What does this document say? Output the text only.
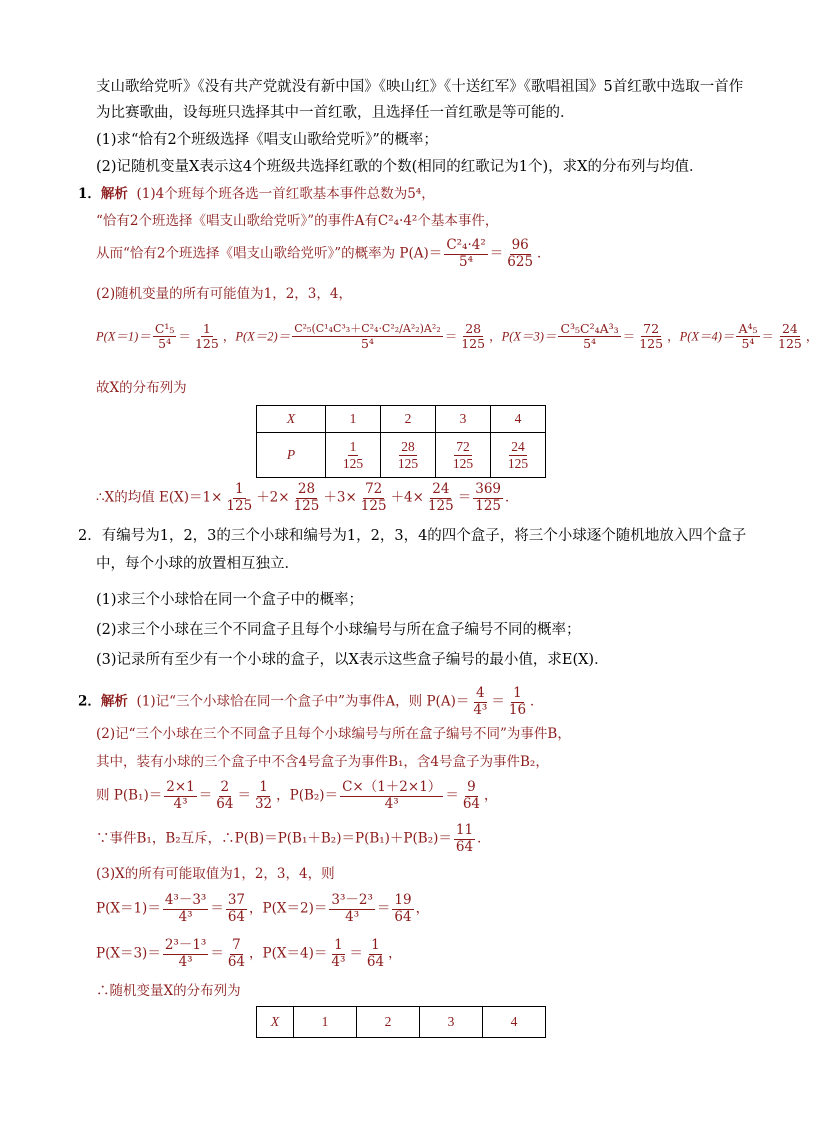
支山歌给党听》《没有共产党就没有新中国》《映山红》《十送红军》《歌唱祖国》5首红歌中选取一首作
为比赛歌曲，设每班只选择其中一首红歌，且选择任一首红歌是等可能的．
(1)求“恰有2个班级选择《唱支山歌给党听》”的概率；
(2)记随机变量X表示这4个班级共选择红歌的个数(相同的红歌记为1个)，求X的分布列与均值．
1．解析 (1)4个班每个班各选一首红歌基本事件总数为5⁴，
“恰有2个班选择《唱支山歌给党听》”的事件A有C²₄·4²个基本事件，
从而“恰有2个班选择《唱支山歌给党听》”的概率为 $P(A)= \frac{\text{C²₄·4²}}{\text{5⁴}} = \frac{96}{625}$ ．
(2)随机变量的所有可能值为1，2，3，4，
$P(X=1)= \frac{\text{C¹₅}}{\text{5⁴}} = \frac{1}{125}$ ，$P(X=2)= \frac{\text{C²₅(C¹₄C³₃＋C²₄·C²₂/A²₂)A²₂}}{\text{5⁴}} = \frac{28}{125}$ ，$P(X=3)= \frac{\text{C³₅C²₄A³₃}}{\text{5⁴}} = \frac{72}{125}$ ，$P(X=4)= \frac{\text{A⁴₅}}{\text{5⁴}} = \frac{24}{125}$ ，
故X的分布列为
X	1	2	3	4
P	$\frac{1}{125}$	$\frac{28}{125}$	$\frac{72}{125}$	$\frac{24}{125}$
∴X的均值 $E(X)=1\times \frac{1}{125} +2\times \frac{28}{125} +3\times \frac{72}{125} +4\times \frac{24}{125} = \frac{369}{125}$ ．
2．有编号为1，2，3的三个小球和编号为1，2，3，4的四个盒子，将三个小球逐个随机地放入四个盒子
中，每个小球的放置相互独立．
(1)求三个小球恰在同一个盒子中的概率；
(2)求三个小球在三个不同盒子且每个小球编号与所在盒子编号不同的概率；
(3)记录所有至少有一个小球的盒子，以X表示这些盒子编号的最小值，求E(X)．
2．解析 (1)记“三个小球恰在同一个盒子中”为事件A，则 $P(A)= \frac{4}{\text{4³}} = \frac{1}{16}$ ．
(2)记“三个小球在三个不同盒子且每个小球编号与所在盒子编号不同”为事件B，
其中，装有小球的三个盒子中不含4号盒子为事件B₁，含4号盒子为事件B₂，
则 $P(B_1)= \frac{2\times 1}{\text{4³}} = \frac{2}{64} = \frac{1}{32}$ ，$P(B_2)= \frac{C\times(1+2\times 1)}{\text{4³}} = \frac{9}{64}$ ，
∵事件B₁，B₂互斥，∴P(B)＝P(B₁＋B₂)＝P(B₁)＋P(B₂)＝ $\frac{11}{64}$ ．
(3)X的所有可能取值为1，2，3，4，则
$P(X=1)= \frac{\text{4³－3³}}{\text{4³}} = \frac{37}{64}$ ，$P(X=2)= \frac{\text{3³－2³}}{\text{4³}} = \frac{19}{64}$ ，
$P(X=3)= \frac{\text{2³－1³}}{\text{4³}} = \frac{7}{64}$ ，$P(X=4)= \frac{1}{\text{4³}} = \frac{1}{64}$ ，
∴随机变量X的分布列为
X	1	2	3	4
